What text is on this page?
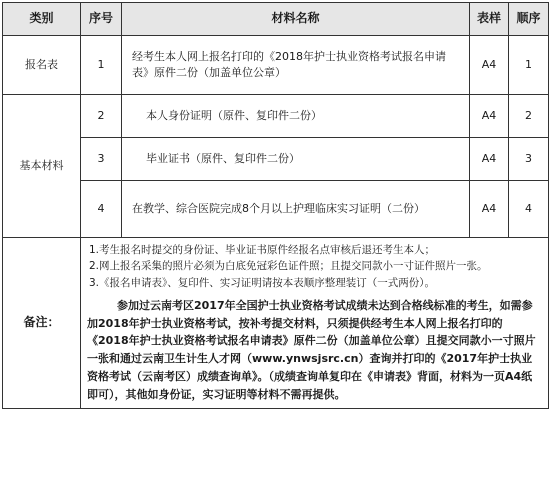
类别	序号	材料名称	表样	顺序
报名表	1	经考生本人网上报名打印的《2018年护士执业资格考试报名申请表》原件二份（加盖单位公章）	A4	1
基本材料	2	本人身份证明（原件、复印件二份）	A4	2
	3	毕业证书（原件、复印件二份）	A4	3
	4	在教学、综合医院完成8个月以上护理临床实习证明（二份）	A4	4
备注：	1.考生报名时提交的身份证、毕业证书原件经报名点审核后退还考生本人；
2.网上报名采集的照片必须为白底免冠彩色证件照；且提交同款小一寸证件照片一张。
3.《报名申请表》、复印件、实习证明请按本表顺序整理装订（一式两份）。
参加过云南考区2017年全国护士执业资格考试成绩未达到合格线标准的考生，如需参加2018年护士执业资格考试，按补考提交材料，只须提供经考生本人网上报名打印的《2018年护士执业资格考试报名申请表》原件二份（加盖单位公章）且提交同款小一寸照片一张和通过云南卫生计生人才网（www.ynwsjsrc.cn）查询并打印的《2017年护士执业资格考试（云南考区）成绩查询单》。（成绩查询单复印在《申请表》背面，材料为一页A4纸即可），其他如身份证，实习证明等材料不需再提供。			
